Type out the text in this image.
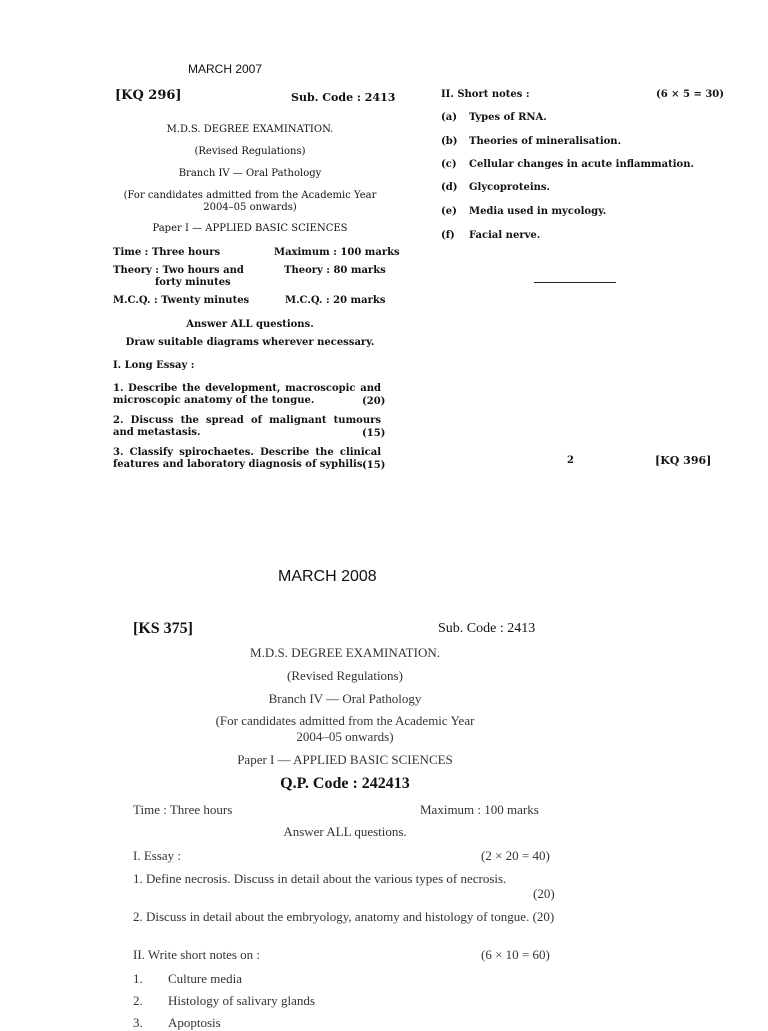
MARCH 2007
[KQ 296]	Sub. Code : 2413
M.D.S. DEGREE EXAMINATION.
(Revised Regulations)
Branch IV — Oral Pathology
(For candidates admitted from the Academic Year
2004–05 onwards)
Paper I — APPLIED BASIC SCIENCES
Time : Three hours	Maximum : 100 marks
Theory : Two hours and
forty minutes
Theory : 80 marks
M.C.Q. : Twenty minutes	M.C.Q. : 20 marks
Answer ALL questions.
Draw suitable diagrams wherever necessary.
I. Long Essay :
1. Describe the development, macroscopic and microscopic anatomy of the tongue.	(20)
2. Discuss the spread of malignant tumours and metastasis.	(15)
3. Classify spirochaetes. Describe the clinical features and laboratory diagnosis of syphilis.
(15)
II. Short notes :	(6 × 5 = 30)
(a) Types of RNA.
(b) Theories of mineralisation.
(c) Cellular changes in acute inflammation.
(d) Glycoproteins.
(e) Media used in mycology.
(f) Facial nerve.
2	[KQ 396]
MARCH 2008
[KS 375]	Sub. Code : 2413
M.D.S. DEGREE EXAMINATION.
(Revised Regulations)
Branch IV — Oral Pathology
(For candidates admitted from the Academic Year
2004–05 onwards)
Paper I — APPLIED BASIC SCIENCES
Q.P. Code : 242413
Time : Three hours	Maximum : 100 marks
Answer ALL questions.
I. Essay :	(2 × 20 = 40)
1. Define necrosis. Discuss in detail about the various types of necrosis.
(20)
2. Discuss in detail about the embryology, anatomy and histology of tongue. (20)
II. Write short notes on :	(6 × 10 = 60)
1. Culture media
2. Histology of salivary glands
3. Apoptosis
